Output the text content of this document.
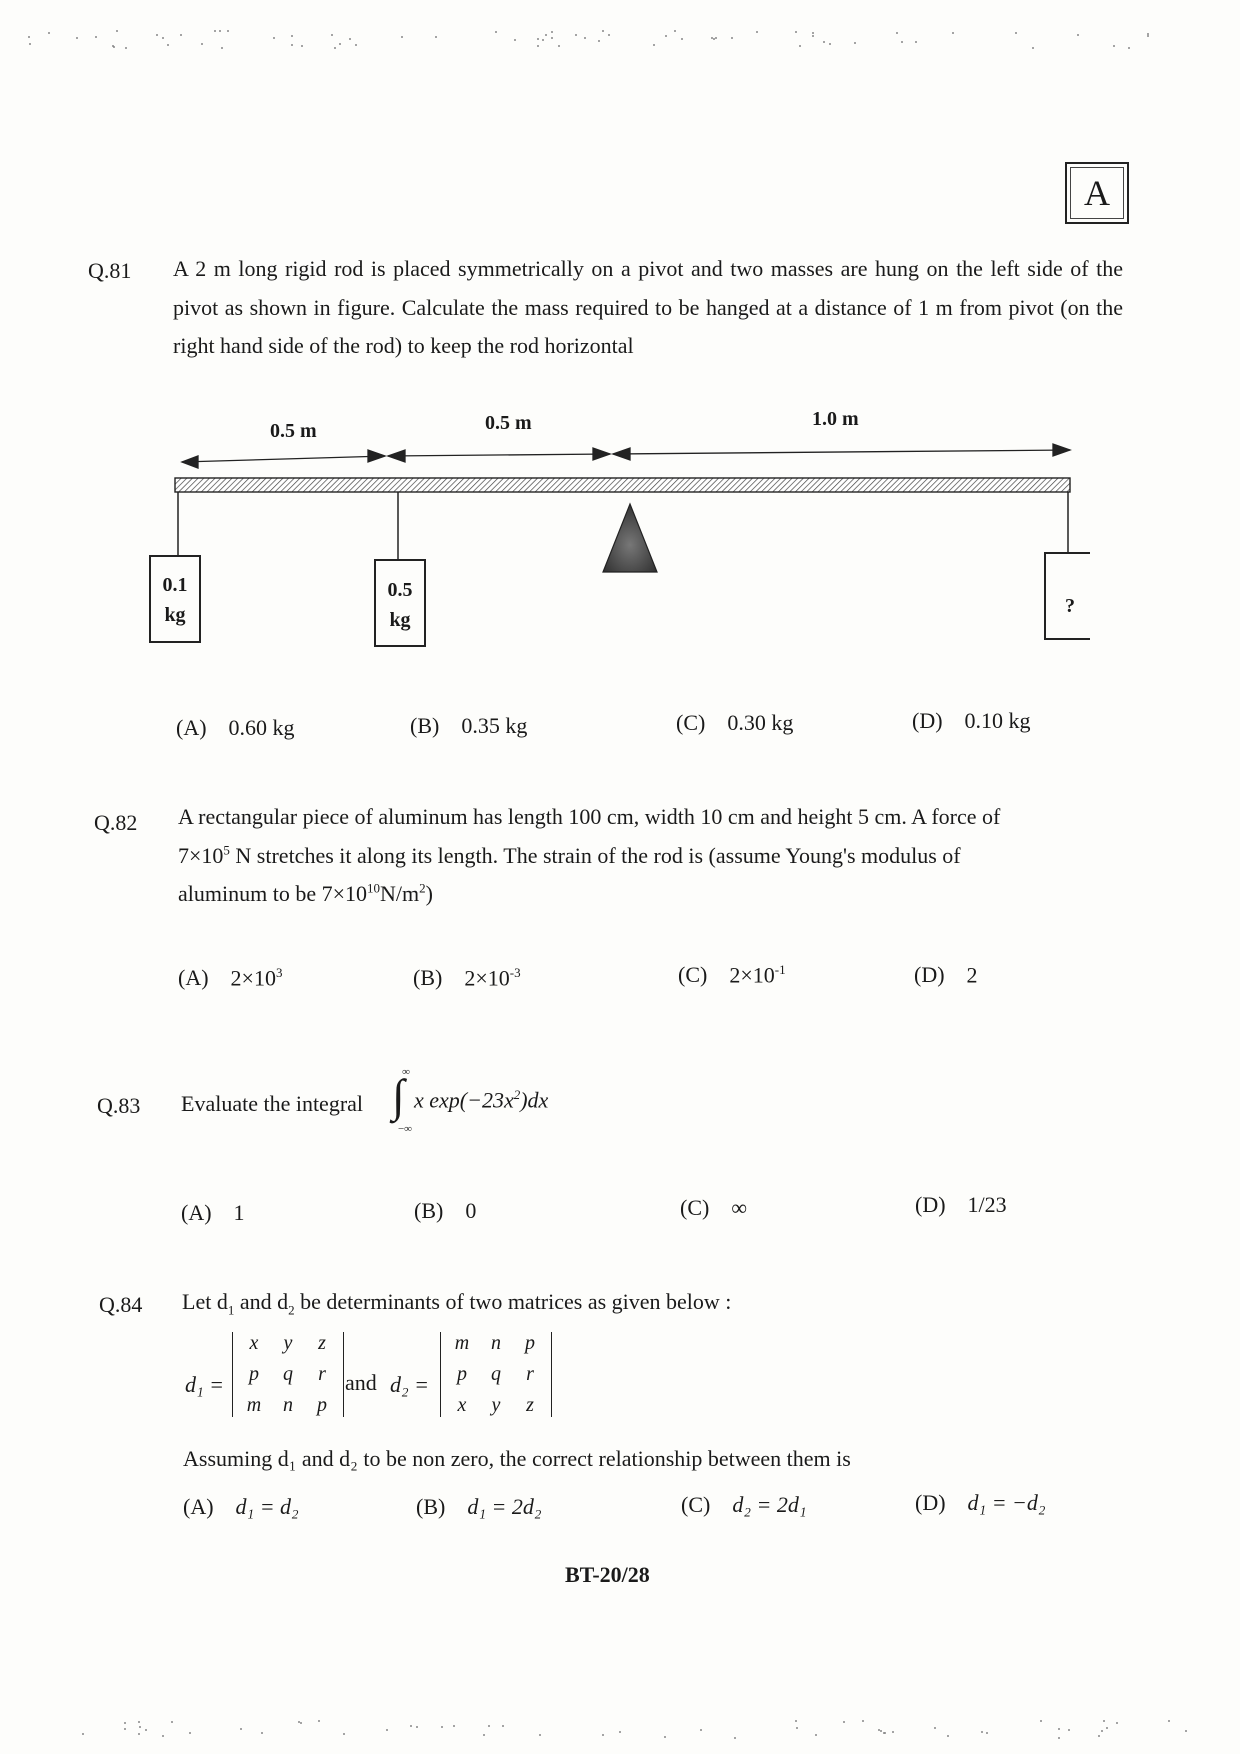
A
Q.81 A 2 m long rigid rod is placed symmetrically on a pivot and two masses are hung on the left side of the pivot as shown in figure. Calculate the mass required to be hanged at a distance of 1 m from pivot (on the right hand side of the rod) to keep the rod horizontal
0.5 m	0.5 m	1.0 m
0.1
kg
0.5
kg
?
(A) 0.60 kg	(B) 0.35 kg	(C) 0.30 kg	(D) 0.10 kg
Q.82 A rectangular piece of aluminum has length 100 cm, width 10 cm and height 5 cm. A force of
$7\times 10^5$ N stretches it along its length. The strain of the rod is (assume Young's modulus of
aluminum to be $7\times 10^{10}N/m^2$)
(A) $2\times 10^3$	(B) $2\times 10^{-3}$	(C) $2\times 10^{-1}$	(D) 2
Q.83 Evaluate the integral
∞
∫
−∞
x $\exp(-23x^2)dx$
(A) 1	(B) 0	(C) ∞	(D) 1/23
Q.84 Let $d_1$ and $d_2$ be determinants of two matrices as given below :
d₁ =
x	y	z
p	q	r
m	n	p
and d₂ =
m	n	p
p	q	r
x	y	z
Assuming d₁ and d₂ to be non zero, the correct relationship between them is
(A) d₁ = d₂	(B) d₁ = 2d₂	(C) d₂ = 2d₁	(D) d₁ = −d₂
BT-20/28
